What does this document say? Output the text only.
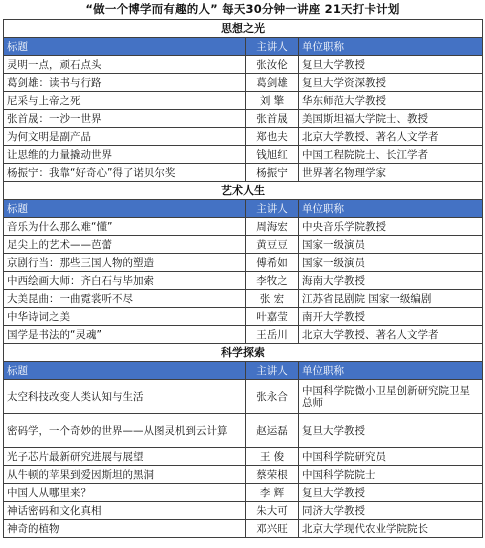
“做一个博学而有趣的人” 每天30分钟一讲座 21天打卡计划
思想之光		
标题	主讲人	单位职称
灵明一点，顽石点头	张汝伦	复旦大学教授
葛剑雄：读书与行路	葛剑雄	复旦大学资深教授
尼采与上帝之死	刘 擎	华东师范大学教授
张首晟：一沙一世界	张首晟	美国斯坦福大学院士、教授
为何文明是副产品	郑也夫	北京大学教授、著名人文学者
让思维的力量撬动世界	钱旭红	中国工程院院士、长江学者
杨振宁：我靠“好奇心”得了诺贝尔奖	杨振宁	世界著名物理学家
艺术人生		
标题	主讲人	单位职称
音乐为什么那么难“懂”	周海宏	中央音乐学院教授
足尖上的艺术——芭蕾	黄豆豆	国家一级演员
京剧行当：那些三国人物的塑造	傅希如	国家一级演员
中西绘画大师：齐白石与毕加索	李牧之	海南大学教授
大美昆曲：一曲霓裳听不尽	张 宏	江苏省昆剧院 国家一级编剧
中华诗词之美	叶嘉莹	南开大学教授
国学是书法的“灵魂”	王岳川	北京大学教授、著名人文学者
科学探索		
标题	主讲人	单位职称
太空科技改变人类认知与生活	张永合	中国科学院微小卫星创新研究院卫星总师
密码学，一个奇妙的世界——从图灵机到云计算	赵运磊	复旦大学教授
光子芯片最新研究进展与展望	王 俊	中国科学院研究员
从牛顿的苹果到爱因斯坦的黑洞	蔡荣根	中国科学院院士
中国人从哪里来？	李 辉	复旦大学教授
神话密码和文化真相	朱大可	同济大学教授
神奇的植物	邓兴旺	北京大学现代农业学院院长
